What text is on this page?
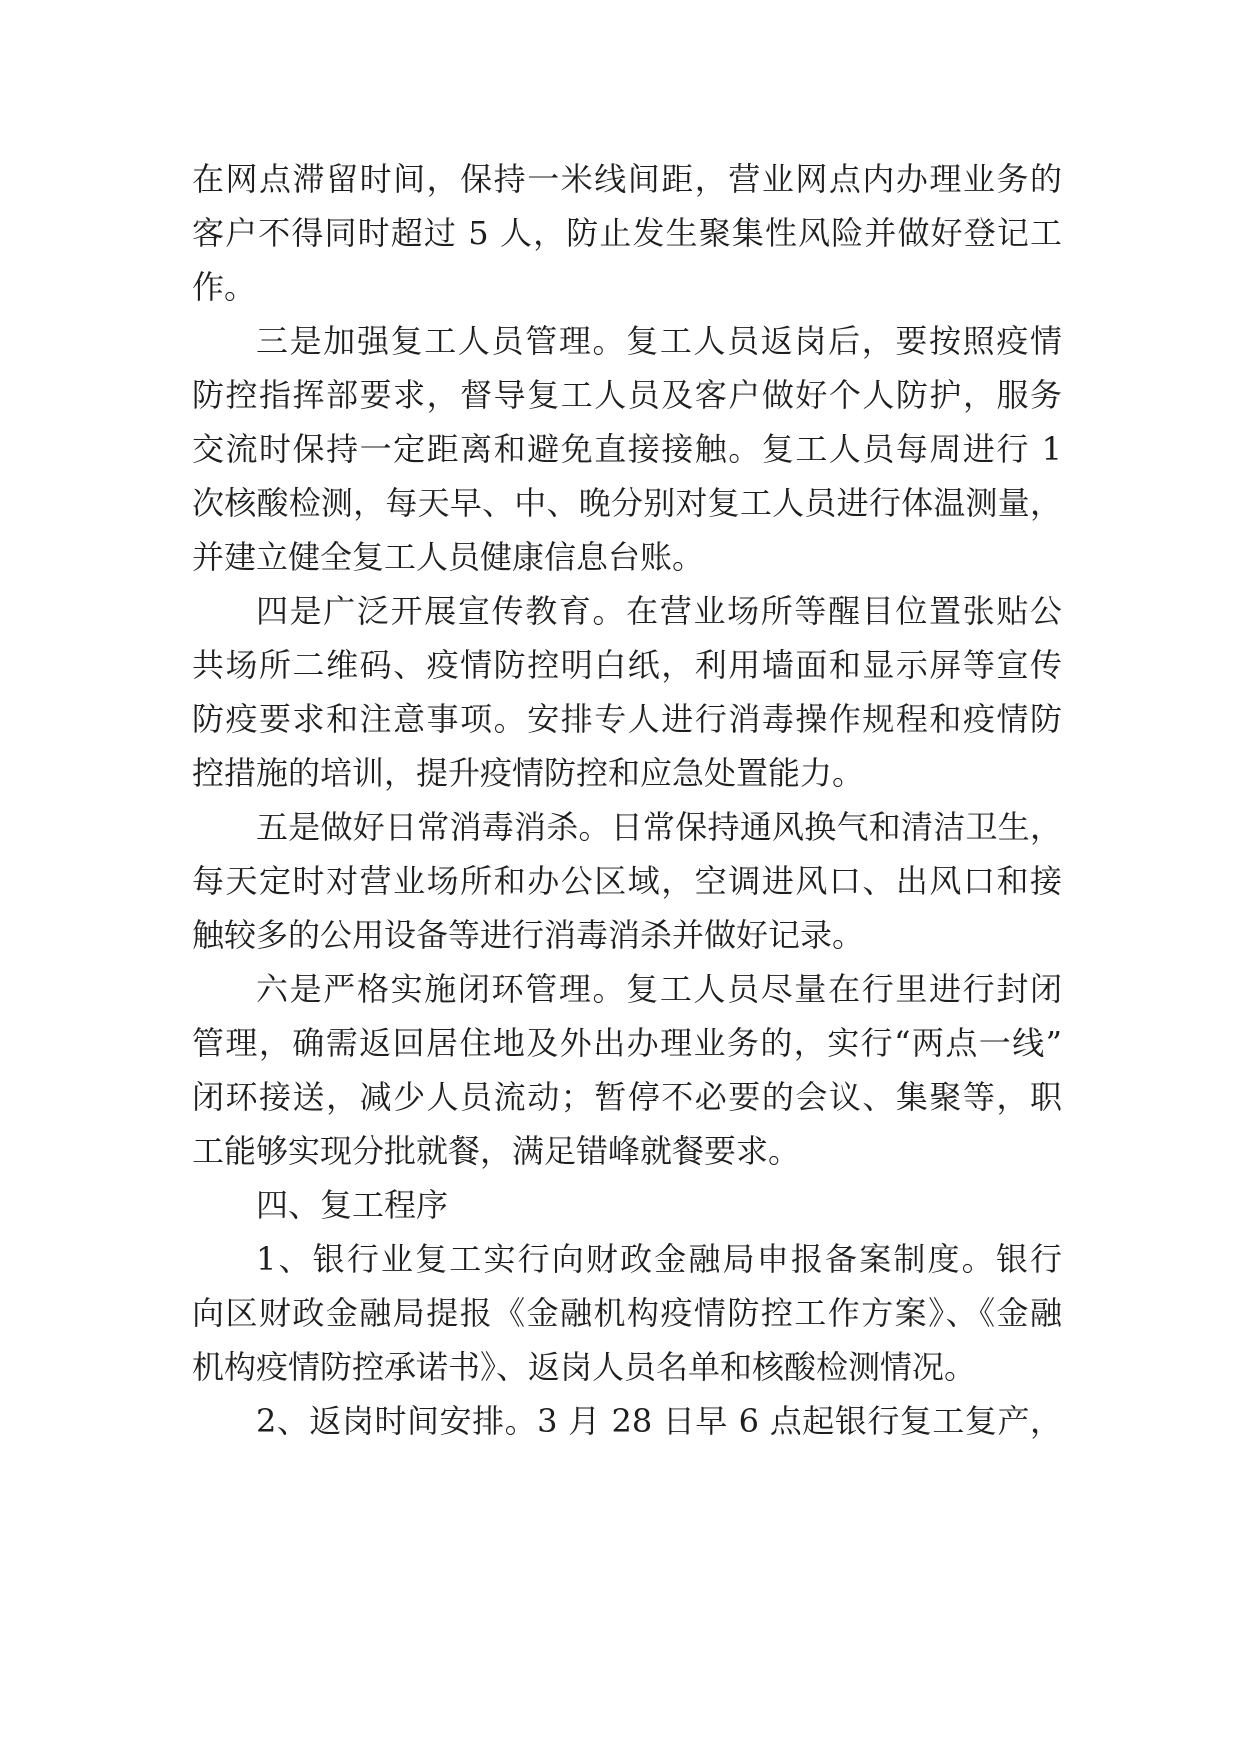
在网点滞留时间，保持一米线间距，营业网点内办理业务的
客户不得同时超过 5 人，防止发生聚集性风险并做好登记工
作。
三是加强复工人员管理。复工人员返岗后，要按照疫情
防控指挥部要求，督导复工人员及客户做好个人防护，服务
交流时保持一定距离和避免直接接触。复工人员每周进行 1
次核酸检测，每天早、中、晚分别对复工人员进行体温测量，
并建立健全复工人员健康信息台账。
四是广泛开展宣传教育。在营业场所等醒目位置张贴公
共场所二维码、疫情防控明白纸，利用墙面和显示屏等宣传
防疫要求和注意事项。安排专人进行消毒操作规程和疫情防
控措施的培训，提升疫情防控和应急处置能力。
五是做好日常消毒消杀。日常保持通风换气和清洁卫生，
每天定时对营业场所和办公区域，空调进风口、出风口和接
触较多的公用设备等进行消毒消杀并做好记录。
六是严格实施闭环管理。复工人员尽量在行里进行封闭
管理，确需返回居住地及外出办理业务的，实行“两点一线”
闭环接送，减少人员流动；暂停不必要的会议、集聚等，职
工能够实现分批就餐，满足错峰就餐要求。
四、复工程序
1、银行业复工实行向财政金融局申报备案制度。银行
向区财政金融局提报《金融机构疫情防控工作方案》、《金融
机构疫情防控承诺书》、返岗人员名单和核酸检测情况。
2、返岗时间安排。3 月 28 日早 6 点起银行复工复产，
